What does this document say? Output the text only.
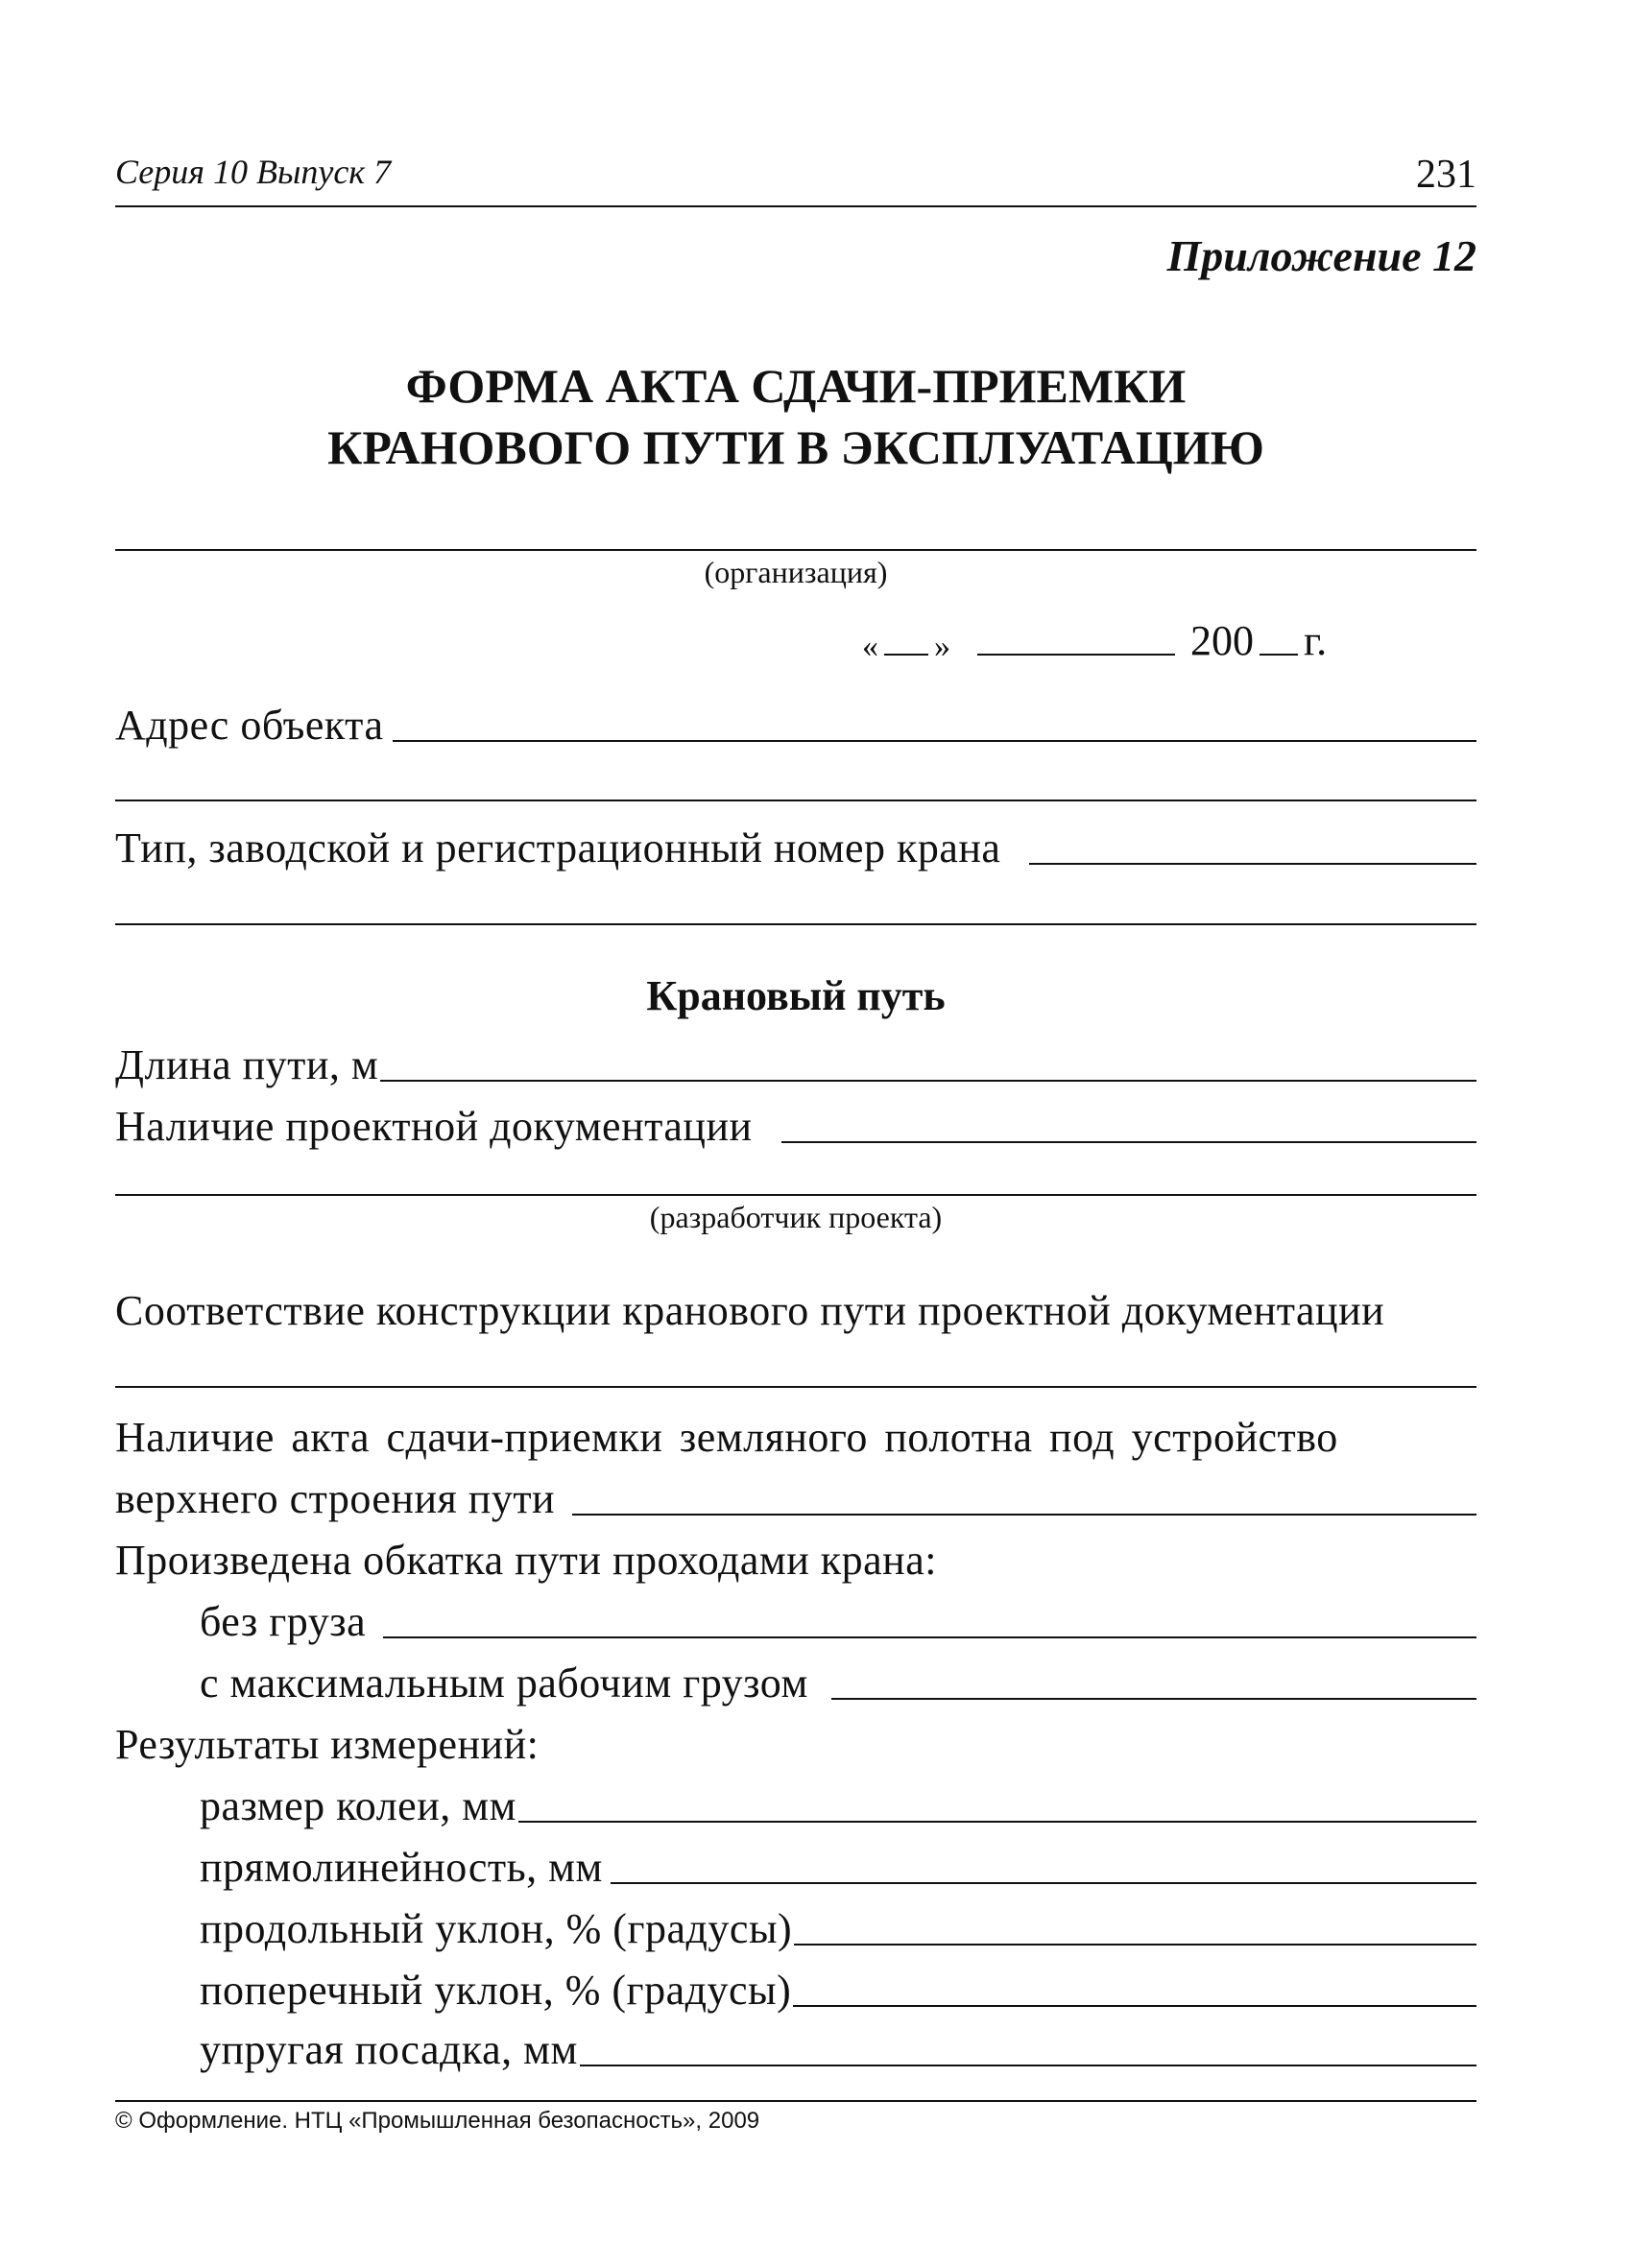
Серия 10 Выпуск 7	231
Приложение 12
ФОРМА АКТА СДАЧИ-ПРИЕМКИ
КРАНОВОГО ПУТИ В ЭКСПЛУАТАЦИЮ
(организация)
« »	200 г.
Адрес объекта
Тип, заводской и регистрационный номер крана
Крановый путь
Длина пути, м
Наличие проектной документации
(разработчик проекта)
Соответствие конструкции кранового пути проектной документации
Наличие акта сдачи-приемки земляного полотна под устройство
верхнего строения пути
Произведена обкатка пути проходами крана:
без груза
с максимальным рабочим грузом
Результаты измерений:
размер колеи, мм
прямолинейность, мм
продольный уклон, % (градусы)
поперечный уклон, % (градусы)
упругая посадка, мм
© Оформление. НТЦ «Промышленная безопасность», 2009
